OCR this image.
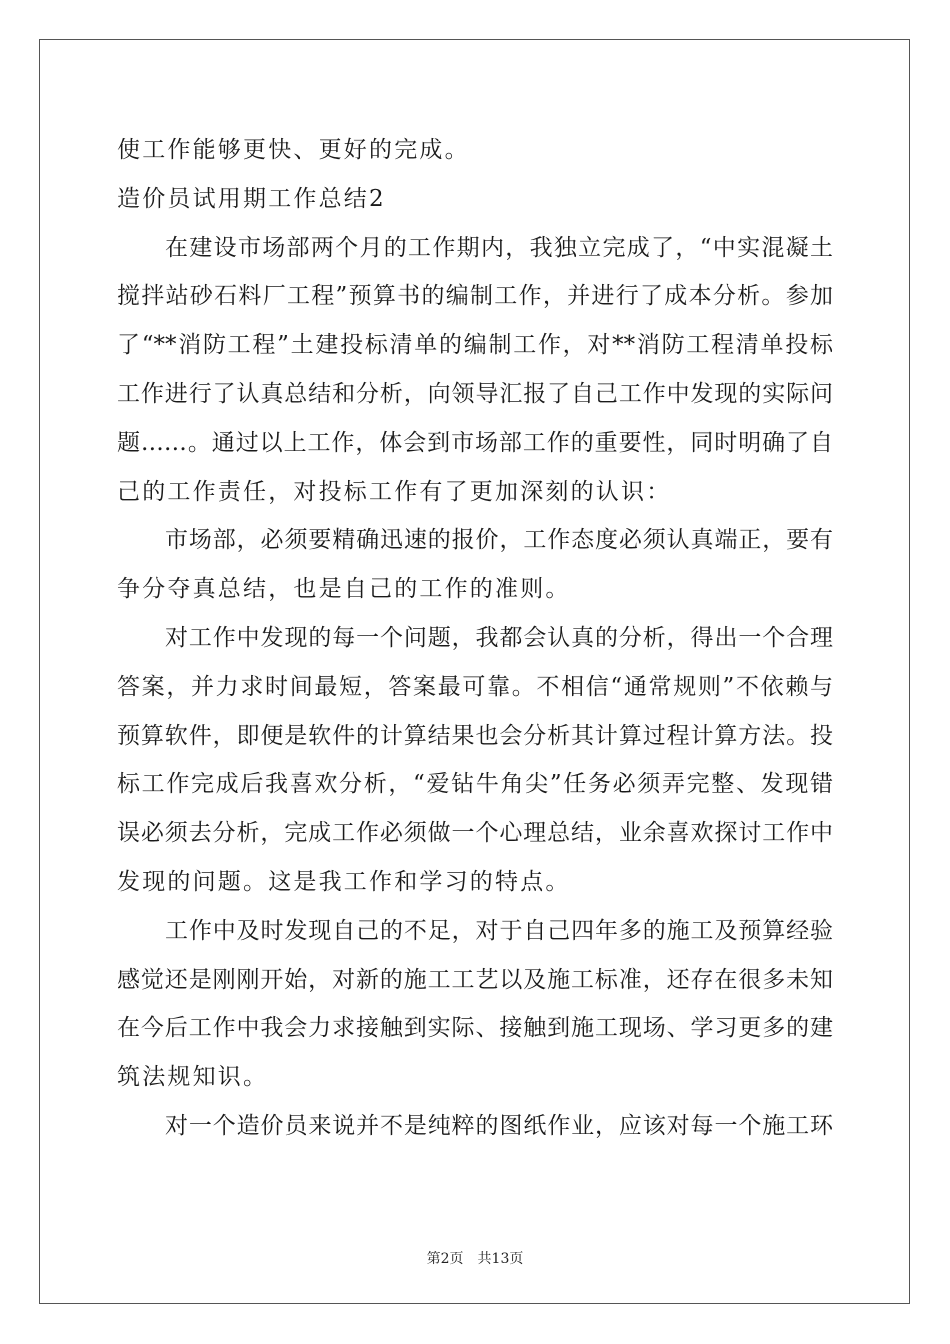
使工作能够更快、更好的完成。
造价员试用期工作总结2
在建设市场部两个月的工作期内，我独立完成了，“中实混凝土
搅拌站砂石料厂工程”预算书的编制工作，并进行了成本分析。参加
了“**消防工程”土建投标清单的编制工作，对**消防工程清单投标
工作进行了认真总结和分析，向领导汇报了自己工作中发现的实际问
题……。通过以上工作，体会到市场部工作的重要性，同时明确了自
己的工作责任，对投标工作有了更加深刻的认识：
市场部，必须要精确迅速的报价，工作态度必须认真端正，要有
争分夺真总结，也是自己的工作的准则。
对工作中发现的每一个问题，我都会认真的分析，得出一个合理
答案，并力求时间最短，答案最可靠。不相信“通常规则”不依赖与
预算软件，即便是软件的计算结果也会分析其计算过程计算方法。投
标工作完成后我喜欢分析，“爱钻牛角尖”任务必须弄完整、发现错
误必须去分析，完成工作必须做一个心理总结，业余喜欢探讨工作中
发现的问题。这是我工作和学习的特点。
工作中及时发现自己的不足，对于自己四年多的施工及预算经验
感觉还是刚刚开始，对新的施工工艺以及施工标准，还存在很多未知
在今后工作中我会力求接触到实际、接触到施工现场、学习更多的建
筑法规知识。
对一个造价员来说并不是纯粹的图纸作业，应该对每一个施工环
第2页 共13页
